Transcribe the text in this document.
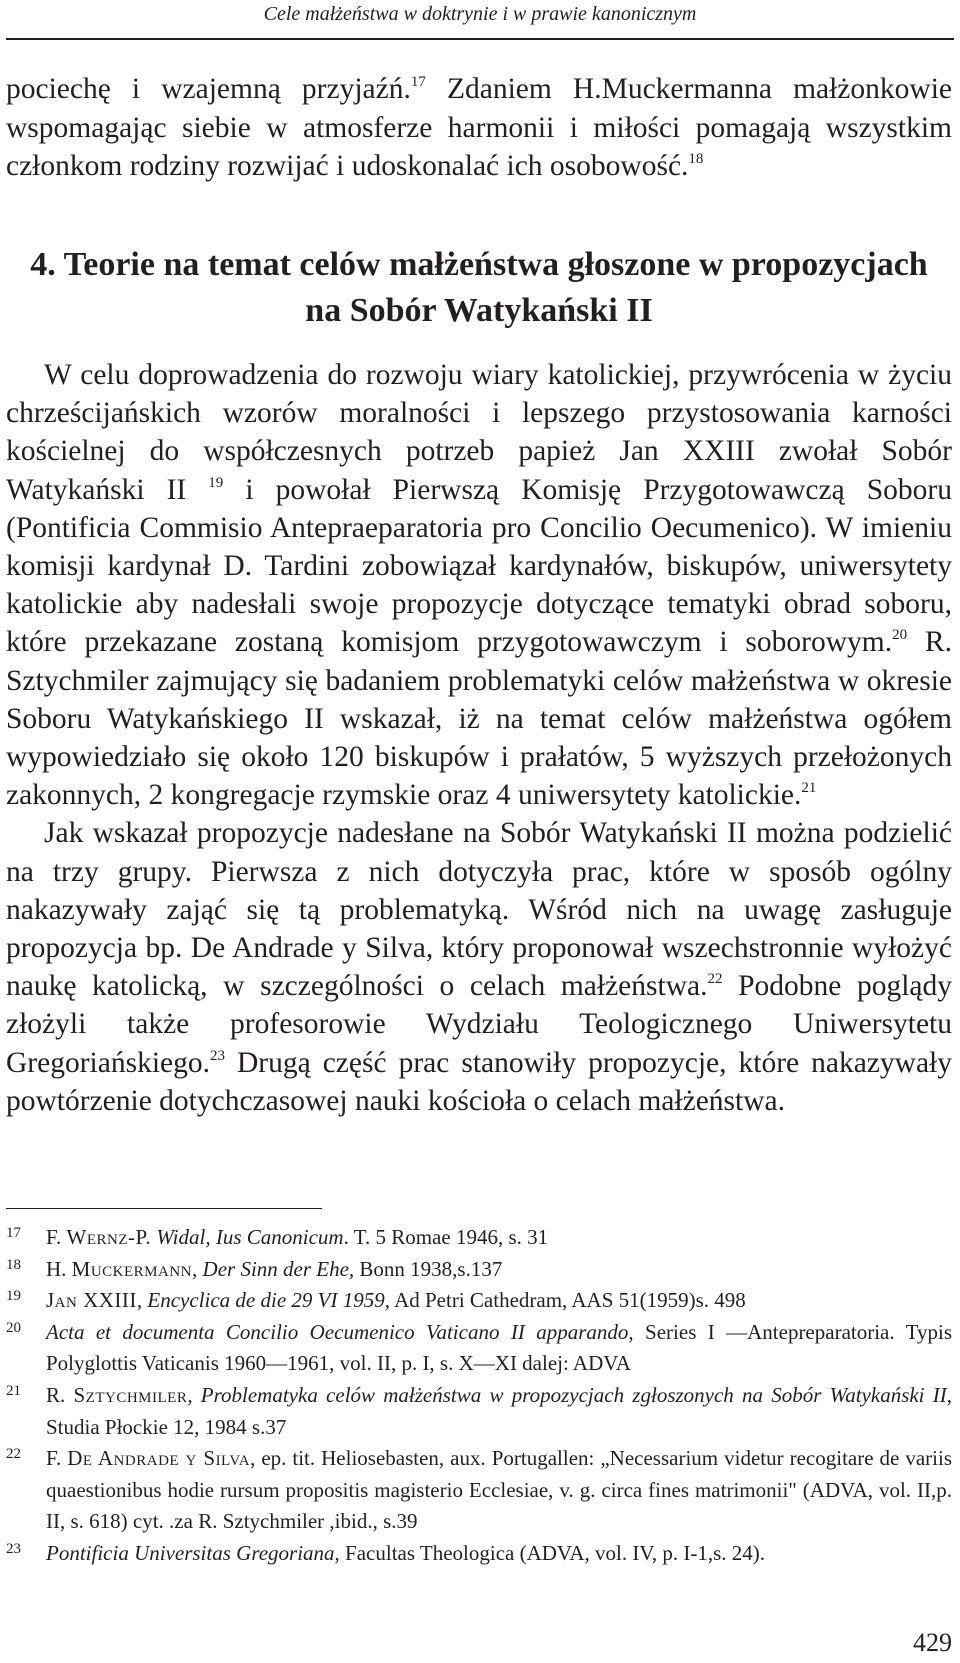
Cele małżeństwa w doktrynie i w prawie kanonicznym

pociechę i wzajemną przyjaźń.$^{17}$ Zdaniem H.Muckermanna małżonkowie wspomagając siebie w atmosferze harmonii i miłości pomagają wszystkim członkom rodziny rozwijać i udoskonalać ich osobowość.$^{18}$

4. Teorie na temat celów małżeństwa głoszone w propozycjach
na Sobór Watykański II

W celu doprowadzenia do rozwoju wiary katolickiej, przywrócenia w życiu chrześcijańskich wzorów moralności i lepszego przystosowania karności kościelnej do współczesnych potrzeb papież Jan XXIII zwołał Sobór Watykański II $^{19}$ i powołał Pierwszą Komisję Przygotowawczą Soboru (Pontificia Commisio Antepraeparatoria pro Concilio Oecumenico). W imieniu komisji kardynał D. Tardini zobowiązał kardynałów, biskupów, uniwersytety katolickie aby nadesłali swoje propozycje dotyczące tematyki obrad soboru, które przekazane zostaną komisjom przygotowawczym i soborowym.$^{20}$ R. Sztychmiler zajmujący się badaniem problematyki celów małżeństwa w okresie Soboru Watykańskiego II wskazał, iż na temat celów małżeństwa ogółem wypowiedziało się około 120 biskupów i prałatów, 5 wyższych przełożonych zakonnych, 2 kongregacje rzymskie oraz 4 uniwersytety katolickie.$^{21}$

Jak wskazał propozycje nadesłane na Sobór Watykański II można podzielić na trzy grupy. Pierwsza z nich dotyczyła prac, które w sposób ogólny nakazywały zająć się tą problematyką. Wśród nich na uwagę zasługuje propozycja bp. De Andrade y Silva, który proponował wszechstronnie wyłożyć naukę katolicką, w szczególności o celach małżeństwa.$^{22}$ Podobne poglądy złożyli także profesorowie Wydziału Teologicznego Uniwersytetu Gregoriańskiego.$^{23}$ Drugą część prac stanowiły propozycje, które nakazywały powtórzenie dotychczasowej nauki kościoła o celach małżeństwa.

17 F. Wernz-P. Widal, Ius Canonicum. T. 5 Romae 1946, s. 31
18 H. Muckermann, Der Sinn der Ehe, Bonn 1938,s.137
19 Jan XXIII, Encyclica de die 29 VI 1959, Ad Petri Cathedram, AAS 51(1959)s. 498
20 Acta et documenta Concilio Oecumenico Vaticano II apparando, Series I —Antepreparatoria. Typis Polyglottis Vaticanis 1960—1961, vol. II, p. I, s. X—XI dalej: ADVA
21 R. Sztychmiler, Problematyka celów małżeństwa w propozycjach zgłoszonych na Sobór Watykański II, Studia Płockie 12, 1984 s.37
22 F. De Andrade y Silva, ep. tit. Heliosebasten, aux. Portugallen: „Necessarium videtur recogitare de variis quaestionibus hodie rursum propositis magisterio Ecclesiae, v. g. circa fines matrimonii" (ADVA, vol. II,p. II, s. 618) cyt. .za R. Sztychmiler ,ibid., s.39
23 Pontificia Universitas Gregoriana, Facultas Theologica (ADVA, vol. IV, p. I-1,s. 24).
429
